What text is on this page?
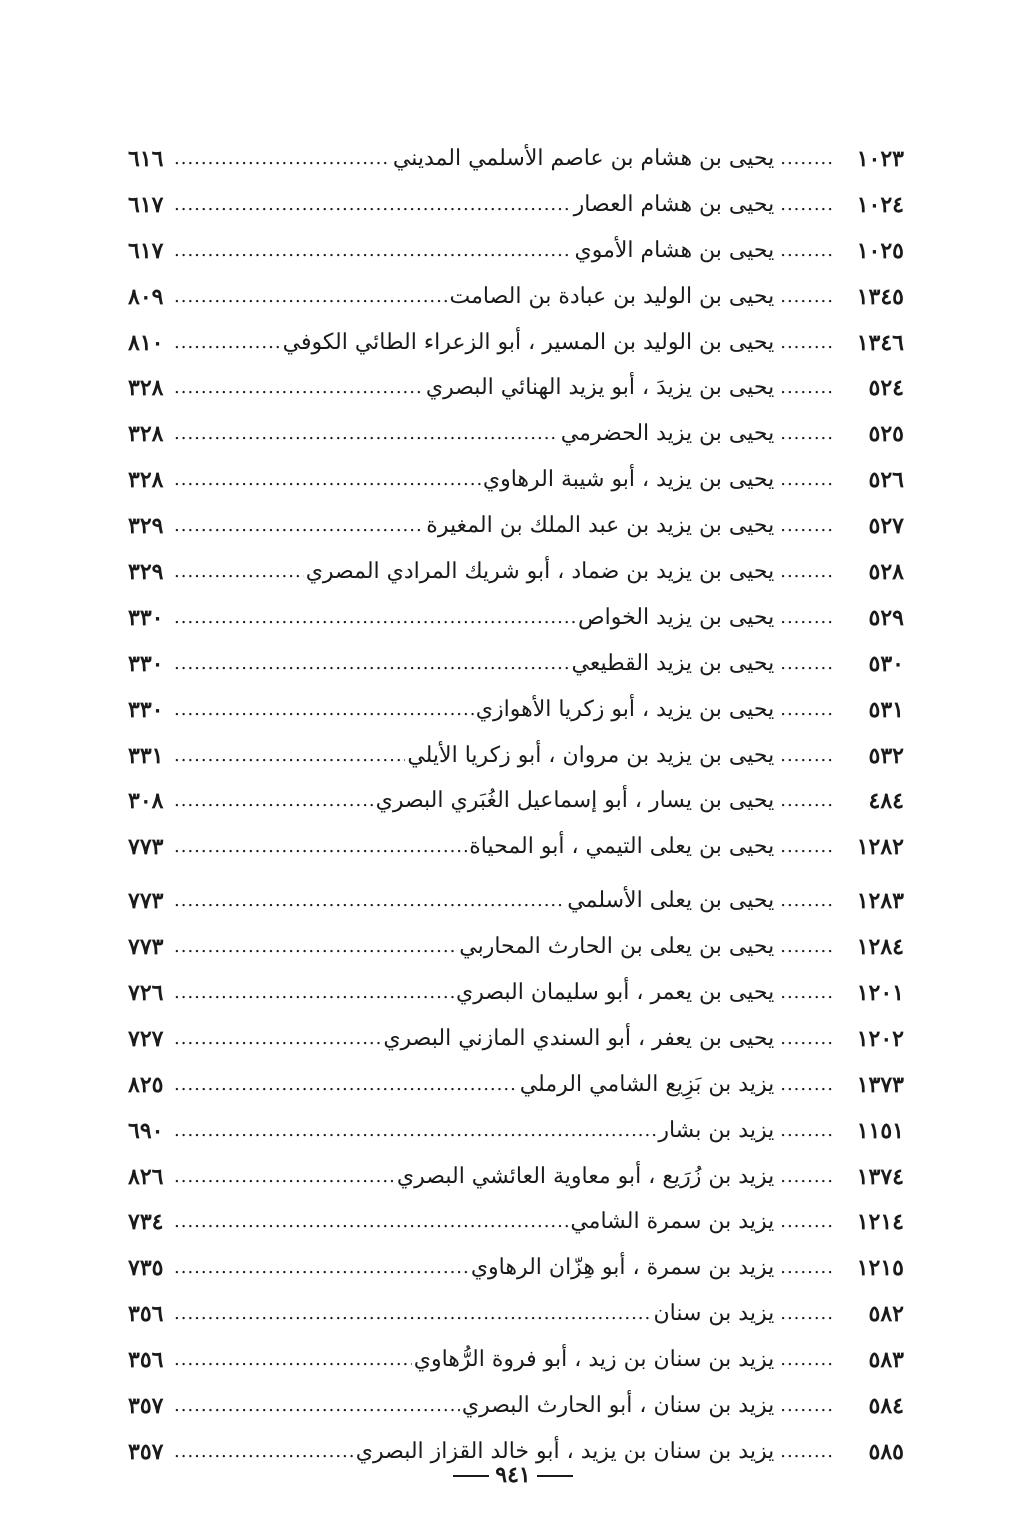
١٠٢٣
........
يحيى بن هشام بن عاصم الأسلمي المديني
.....
٦١٦
١٠٢٤
........
يحيى بن هشام العصار
.....
٦١٧
١٠٢٥
........
يحيى بن هشام الأموي
.....
٦١٧
١٣٤٥
........
يحيى بن الوليد بن عبادة بن الصامت
.....
٨٠٩
١٣٤٦
........
يحيى بن الوليد بن المسير ، أبو الزعراء الطائي الكوفي
.....
٨١٠
٥٢٤
........
يحيى بن يزيدَ ، أبو يزيد الهنائي البصري
.....
٣٢٨
٥٢٥
........
يحيى بن يزيد الحضرمي
.....
٣٢٨
٥٢٦
........
يحيى بن يزيد ، أبو شيبة الرهاوي
.....
٣٢٨
٥٢٧
........
يحيى بن يزيد بن عبد الملك بن المغيرة
.....
٣٢٩
٥٢٨
........
يحيى بن يزيد بن ضماد ، أبو شريك المرادي المصري
.....
٣٢٩
٥٢٩
........
يحيى بن يزيد الخواص
.....
٣٣٠
٥٣٠
........
يحيى بن يزيد القطيعي
.....
٣٣٠
٥٣١
........
يحيى بن يزيد ، أبو زكريا الأهوازي
.....
٣٣٠
٥٣٢
........
يحيى بن يزيد بن مروان ، أبو زكريا الأيلي
.....
٣٣١
٤٨٤
........
يحيى بن يسار ، أبو إسماعيل الغُبَري البصري
.....
٣٠٨
١٢٨٢
........
يحيى بن يعلى التيمي ، أبو المحياة
.....
٧٧٣
١٢٨٣
........
يحيى بن يعلى الأسلمي
.....
٧٧٣
١٢٨٤
........
يحيى بن يعلى بن الحارث المحاربي
.....
٧٧٣
١٢٠١
........
يحيى بن يعمر ، أبو سليمان البصري
.....
٧٢٦
١٢٠٢
........
يحيى بن يعفر ، أبو السندي المازني البصري
.....
٧٢٧
١٣٧٣
........
يزيد بن بَزِيع الشامي الرملي
.....
٨٢٥
١١٥١
........
يزيد بن بشار
.....
٦٩٠
١٣٧٤
........
يزيد بن زُرَيع ، أبو معاوية العائشي البصري
.....
٨٢٦
١٢١٤
........
يزيد بن سمرة الشامي
.....
٧٣٤
١٢١٥
........
يزيد بن سمرة ، أبو هِزّان الرهاوي
.....
٧٣٥
٥٨٢
........
يزيد بن سنان
.....
٣٥٦
٥٨٣
........
يزيد بن سنان بن زيد ، أبو فروة الرُّهاوي
.....
٣٥٦
٥٨٤
........
يزيد بن سنان ، أبو الحارث البصري
.....
٣٥٧
٥٨٥
........
يزيد بن سنان بن يزيد ، أبو خالد القزاز البصري
.....
٣٥٧
٩٤١
